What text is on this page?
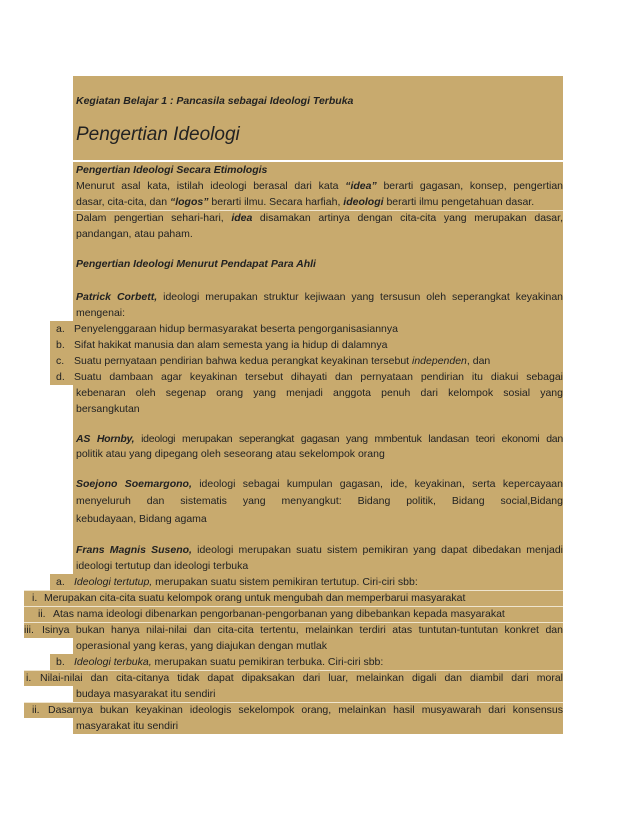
Kegiatan Belajar 1 : Pancasila sebagai Ideologi Terbuka
Pengertian Ideologi
Pengertian Ideologi Secara Etimologis
Menurut asal kata, istilah ideologi berasal dari kata “idea” berarti gagasan, konsep, pengertian
dasar, cita-cita, dan “logos” berarti ilmu. Secara harfiah, ideologi berarti ilmu pengetahuan dasar.
Dalam pengertian sehari-hari, idea disamakan artinya dengan cita-cita yang merupakan dasar,
pandangan, atau paham.
Pengertian Ideologi Menurut Pendapat Para Ahli
Patrick Corbett, ideologi merupakan struktur kejiwaan yang tersusun oleh seperangkat keyakinan
mengenai:
a. Penyelenggaraan hidup bermasyarakat beserta pengorganisasiannya
b. Sifat hakikat manusia dan alam semesta yang ia hidup di dalamnya
c. Suatu pernyataan pendirian bahwa kedua perangkat keyakinan tersebut independen, dan
d. Suatu dambaan agar keyakinan tersebut dihayati dan pernyataan pendirian itu diakui sebagai
kebenaran oleh segenap orang yang menjadi anggota penuh dari kelompok sosial yang
bersangkutan
AS Hornby, ideologi merupakan seperangkat gagasan yang mmbentuk landasan teori ekonomi dan
politik atau yang dipegang oleh seseorang atau sekelompok orang
Soejono Soemargono, ideologi sebagai kumpulan gagasan, ide, keyakinan, serta kepercayaan
menyeluruh dan sistematis yang menyangkut: Bidang politik, Bidang social,Bidang
kebudayaan, Bidang agama
Frans Magnis Suseno, ideologi merupakan suatu sistem pemikiran yang dapat dibedakan menjadi
ideologi tertutup dan ideologi terbuka
a. Ideologi tertutup, merupakan suatu sistem pemikiran tertutup. Ciri-ciri sbb:
i. Merupakan cita-cita suatu kelompok orang untuk mengubah dan memperbarui masyarakat
ii. Atas nama ideologi dibenarkan pengorbanan-pengorbanan yang dibebankan kepada masyarakat
iii. Isinya bukan hanya nilai-nilai dan cita-cita tertentu, melainkan terdiri atas tuntutan-tuntutan konkret dan
operasional yang keras, yang diajukan dengan mutlak
b. Ideologi terbuka, merupakan suatu pemikiran terbuka. Ciri-ciri sbb:
i. Nilai-nilai dan cita-citanya tidak dapat dipaksakan dari luar, melainkan digali dan diambil dari moral
budaya masyarakat itu sendiri
ii. Dasarnya bukan keyakinan ideologis sekelompok orang, melainkan hasil musyawarah dari konsensus
masyarakat itu sendiri
